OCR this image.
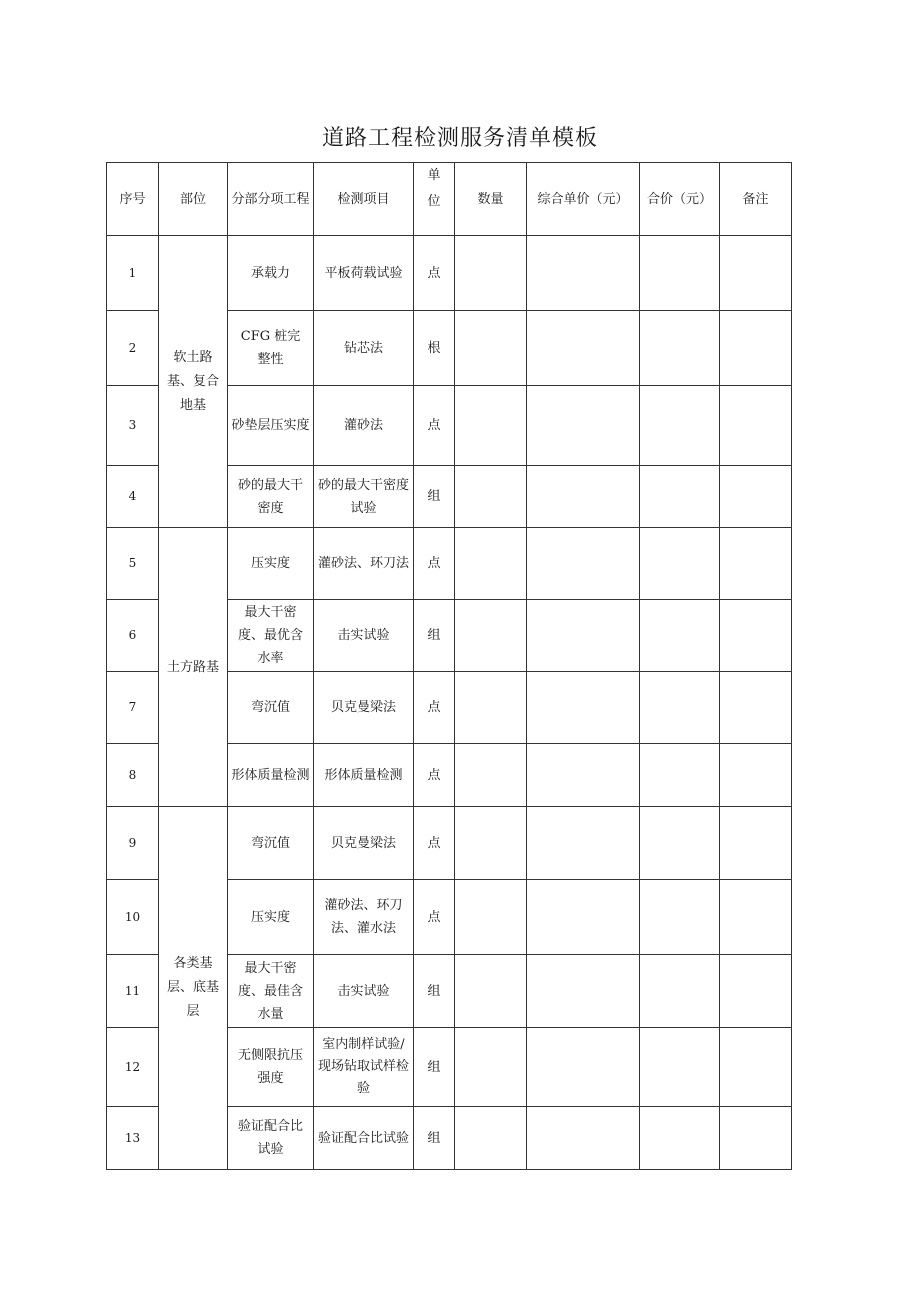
道路工程检测服务清单模板
序号	部位	分部分项工程	检测项目	单位	数量	综合单价（元）	合价（元）	备注
1	软土路基、复合地基	承载力	平板荷载试验	点				
2		CFG 桩完整性	钻芯法	根				
3		砂垫层压实度	灌砂法	点				
4		砂的最大干密度	砂的最大干密度试验	组				
5	土方路基	压实度	灌砂法、环刀法	点				
6		最大干密度、最优含水率	击实试验	组				
7		弯沉值	贝克曼梁法	点				
8		形体质量检测	形体质量检测	点				
9	各类基层、底基层	弯沉值	贝克曼梁法	点				
10		压实度	灌砂法、环刀法、灌水法	点				
11		最大干密度、最佳含水量	击实试验	组				
12		无侧限抗压强度	室内制样试验/现场钻取试样检验	组				
13		验证配合比试验	验证配合比试验	组				
